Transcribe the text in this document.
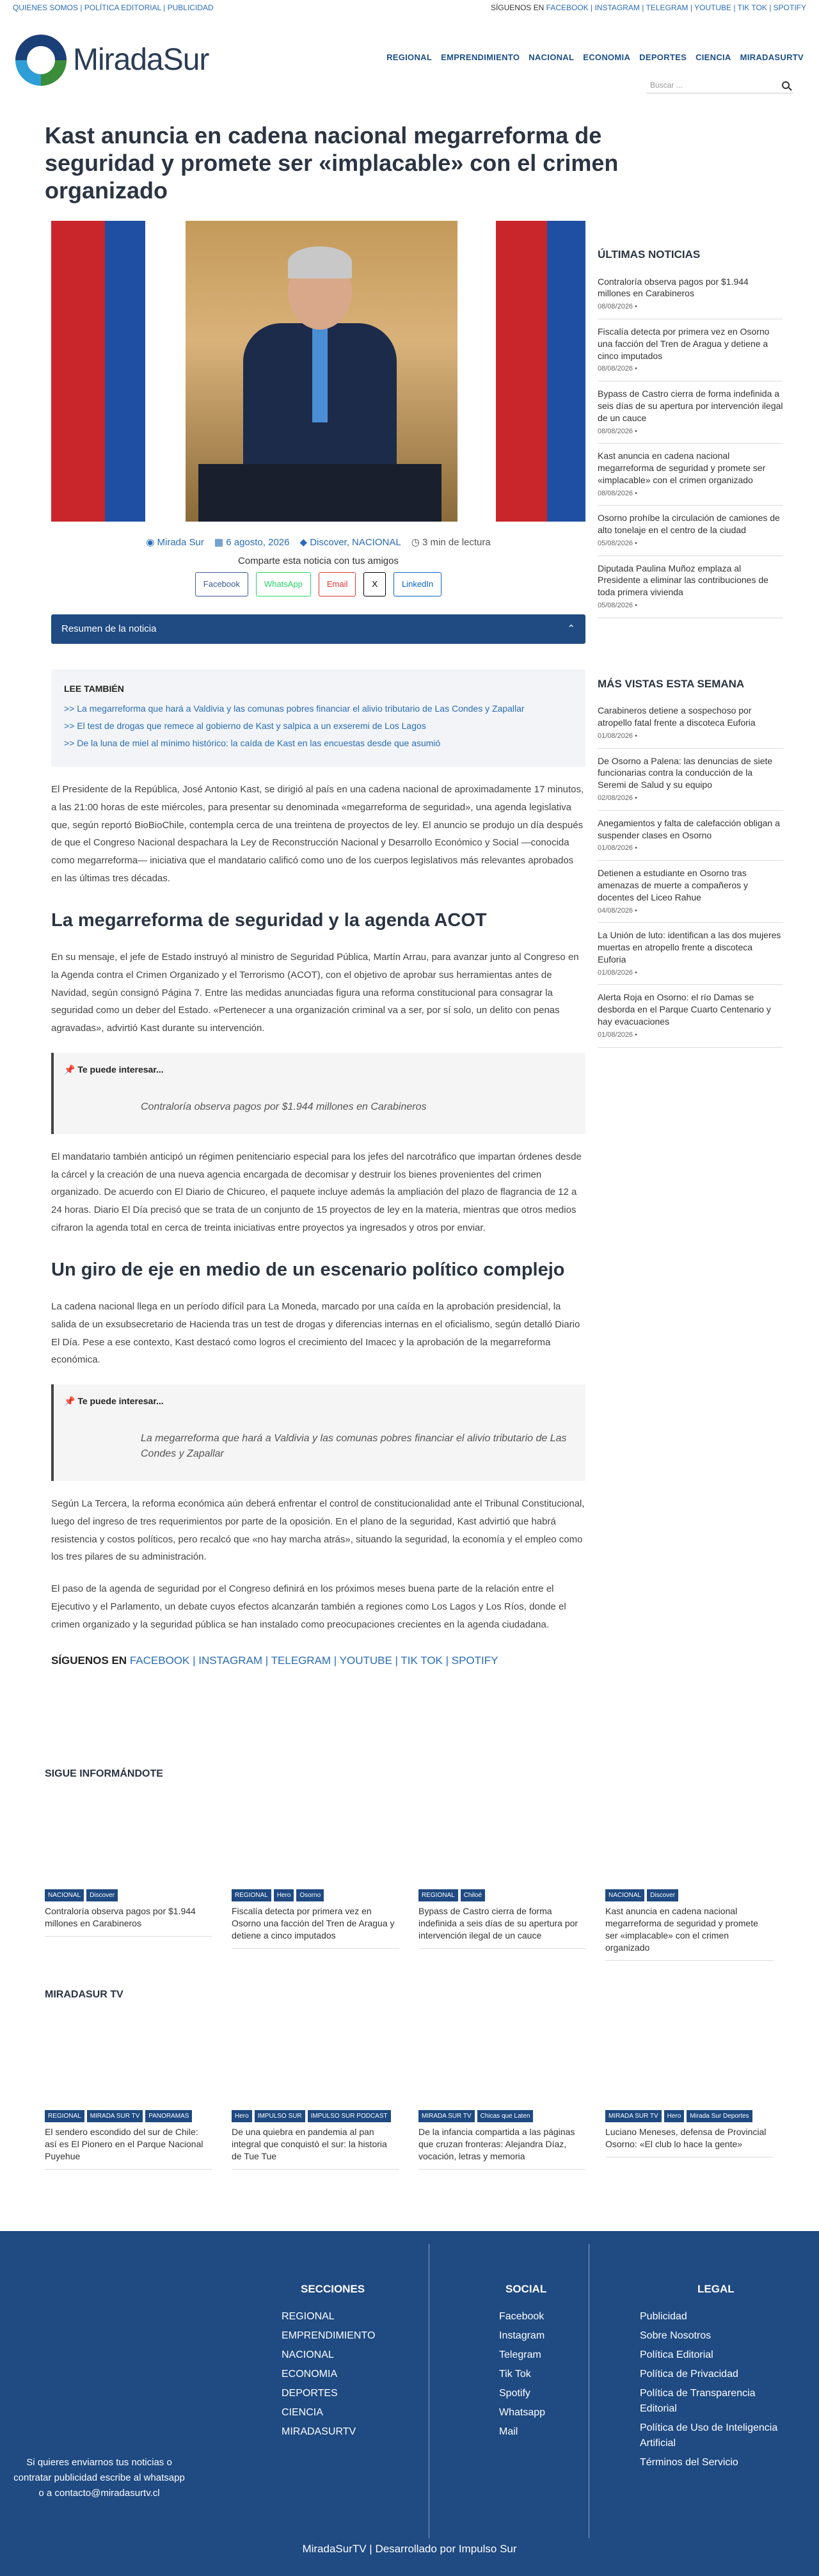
QUIENES SOMOS | POLÍTICA EDITORIAL | PUBLICIDAD	SÍGUENOS EN FACEBOOK | INSTAGRAM | TELEGRAM | YOUTUBE | TIK TOK | SPOTIFY
MiradaSur	REGIONAL EMPRENDIMIENTO NACIONAL ECONOMIA DEPORTES CIENCIA MIRADASURTV
Buscar ...
Kast anuncia en cadena nacional megarreforma de seguridad y promete ser «implacable» con el crimen organizado
◉ Mirada Sur ▦ 6 agosto, 2026 ◆ Discover, NACIONAL ◷ 3 min de lectura
Comparte esta noticia con tus amigos
Facebook	WhatsApp	Email	X	LinkedIn
Resumen de la noticia	⌃
LEE TAMBIÉN

>> La megarreforma que hará a Valdivia y las comunas pobres financiar el alivio tributario de Las Condes y Zapallar

>> El test de drogas que remece al gobierno de Kast y salpica a un exseremi de Los Lagos

>> De la luna de miel al mínimo histórico: la caída de Kast en las encuestas desde que asumió

El Presidente de la República, José Antonio Kast, se dirigió al país en una cadena nacional de aproximadamente 17 minutos, a las 21:00 horas de este miércoles, para presentar su denominada «megarreforma de seguridad», una agenda legislativa que, según reportó BioBioChile, contempla cerca de una treintena de proyectos de ley. El anuncio se produjo un día después de que el Congreso Nacional despachara la Ley de Reconstrucción Nacional y Desarrollo Económico y Social —conocida como megarreforma— iniciativa que el mandatario calificó como uno de los cuerpos legislativos más relevantes aprobados en las últimas tres décadas.

La megarreforma de seguridad y la agenda ACOT

En su mensaje, el jefe de Estado instruyó al ministro de Seguridad Pública, Martín Arrau, para avanzar junto al Congreso en la Agenda contra el Crimen Organizado y el Terrorismo (ACOT), con el objetivo de aprobar sus herramientas antes de Navidad, según consignó Página 7. Entre las medidas anunciadas figura una reforma constitucional para consagrar la seguridad como un deber del Estado. «Pertenecer a una organización criminal va a ser, por sí solo, un delito con penas agravadas», advirtió Kast durante su intervención.

📌 Te puede interesar...
Contraloría observa pagos por $1.944 millones en Carabineros

El mandatario también anticipó un régimen penitenciario especial para los jefes del narcotráfico que impartan órdenes desde la cárcel y la creación de una nueva agencia encargada de decomisar y destruir los bienes provenientes del crimen organizado. De acuerdo con El Diario de Chicureo, el paquete incluye además la ampliación del plazo de flagrancia de 12 a 24 horas. Diario El Día precisó que se trata de un conjunto de 15 proyectos de ley en la materia, mientras que otros medios cifraron la agenda total en cerca de treinta iniciativas entre proyectos ya ingresados y otros por enviar.

Un giro de eje en medio de un escenario político complejo

La cadena nacional llega en un período difícil para La Moneda, marcado por una caída en la aprobación presidencial, la salida de un exsubsecretario de Hacienda tras un test de drogas y diferencias internas en el oficialismo, según detalló Diario El Día. Pese a ese contexto, Kast destacó como logros el crecimiento del Imacec y la aprobación de la megarreforma económica.

📌 Te puede interesar...
La megarreforma que hará a Valdivia y las comunas pobres financiar el alivio tributario de Las Condes y Zapallar

Según La Tercera, la reforma económica aún deberá enfrentar el control de constitucionalidad ante el Tribunal Constitucional, luego del ingreso de tres requerimientos por parte de la oposición. En el plano de la seguridad, Kast advirtió que habrá resistencia y costos políticos, pero recalcó que «no hay marcha atrás», situando la seguridad, la economía y el empleo como los tres pilares de su administración.

El paso de la agenda de seguridad por el Congreso definirá en los próximos meses buena parte de la relación entre el Ejecutivo y el Parlamento, un debate cuyos efectos alcanzarán también a regiones como Los Lagos y Los Ríos, donde el crimen organizado y la seguridad pública se han instalado como preocupaciones crecientes en la agenda ciudadana.

SÍGUENOS EN FACEBOOK | INSTAGRAM | TELEGRAM | YOUTUBE | TIK TOK | SPOTIFY
ÚLTIMAS NOTICIAS
Contraloría observa pagos por $1.944 millones en Carabineros
08/08/2026 •
Fiscalía detecta por primera vez en Osorno una facción del Tren de Aragua y detiene a cinco imputados
08/08/2026 •
Bypass de Castro cierra de forma indefinida a seis días de su apertura por intervención ilegal de un cauce
08/08/2026 •
Kast anuncia en cadena nacional megarreforma de seguridad y promete ser «implacable» con el crimen organizado
08/08/2026 •
Osorno prohíbe la circulación de camiones de alto tonelaje en el centro de la ciudad
05/08/2026 •
Diputada Paulina Muñoz emplaza al Presidente a eliminar las contribuciones de toda primera vivienda
05/08/2026 •
MÁS VISTAS ESTA SEMANA
Carabineros detiene a sospechoso por atropello fatal frente a discoteca Euforia
01/08/2026 •
De Osorno a Palena: las denuncias de siete funcionarias contra la conducción de la Seremi de Salud y su equipo
02/08/2026 •
Anegamientos y falta de calefacción obligan a suspender clases en Osorno
01/08/2026 •
Detienen a estudiante en Osorno tras amenazas de muerte a compañeros y docentes del Liceo Rahue
04/08/2026 •
La Unión de luto: identifican a las dos mujeres muertas en atropello frente a discoteca Euforia
01/08/2026 •
Alerta Roja en Osorno: el río Damas se desborda en el Parque Cuarto Centenario y hay evacuaciones
01/08/2026 •
SIGUE INFORMÁNDOTE
NACIONAL	Discover
Contraloría observa pagos por $1.944 millones en Carabineros
REGIONAL	Hero	Osorno
Fiscalía detecta por primera vez en Osorno una facción del Tren de Aragua y detiene a cinco imputados
REGIONAL	Chiloé
Bypass de Castro cierra de forma indefinida a seis días de su apertura por intervención ilegal de un cauce
NACIONAL	Discover
Kast anuncia en cadena nacional megarreforma de seguridad y promete ser «implacable» con el crimen organizado
MIRADASUR TV
REGIONAL	MIRADA SUR TV	PANORAMAS
El sendero escondido del sur de Chile: así es El Pionero en el Parque Nacional Puyehue
Hero	IMPULSO SUR	IMPULSO SUR PODCAST
De una quiebra en pandemia al pan integral que conquistó el sur: la historia de Tue Tue
MIRADA SUR TV	Chicas que Laten
De la infancia compartida a las páginas que cruzan fronteras: Alejandra Díaz, vocación, letras y memoria
MIRADA SUR TV	Hero	Mirada Sur Deportes
Luciano Meneses, defensa de Provincial Osorno: «El club lo hace la gente»
SECCIONES
REGIONAL
EMPRENDIMIENTO
NACIONAL
ECONOMIA
DEPORTES
CIENCIA
MIRADASURTV
SOCIAL
Facebook
Instagram
Telegram
Tik Tok
Spotify
Whatsapp
Mail
LEGAL
Publicidad
Sobre Nosotros
Política Editorial
Política de Privacidad
Política de Transparencia Editorial
Política de Uso de Inteligencia Artificial
Términos del Servicio
Si quieres enviarnos tus noticias o contratar publicidad escribe al whatsapp o a contacto@miradasurtv.cl
MiradaSurTV | Desarrollado por Impulso Sur
